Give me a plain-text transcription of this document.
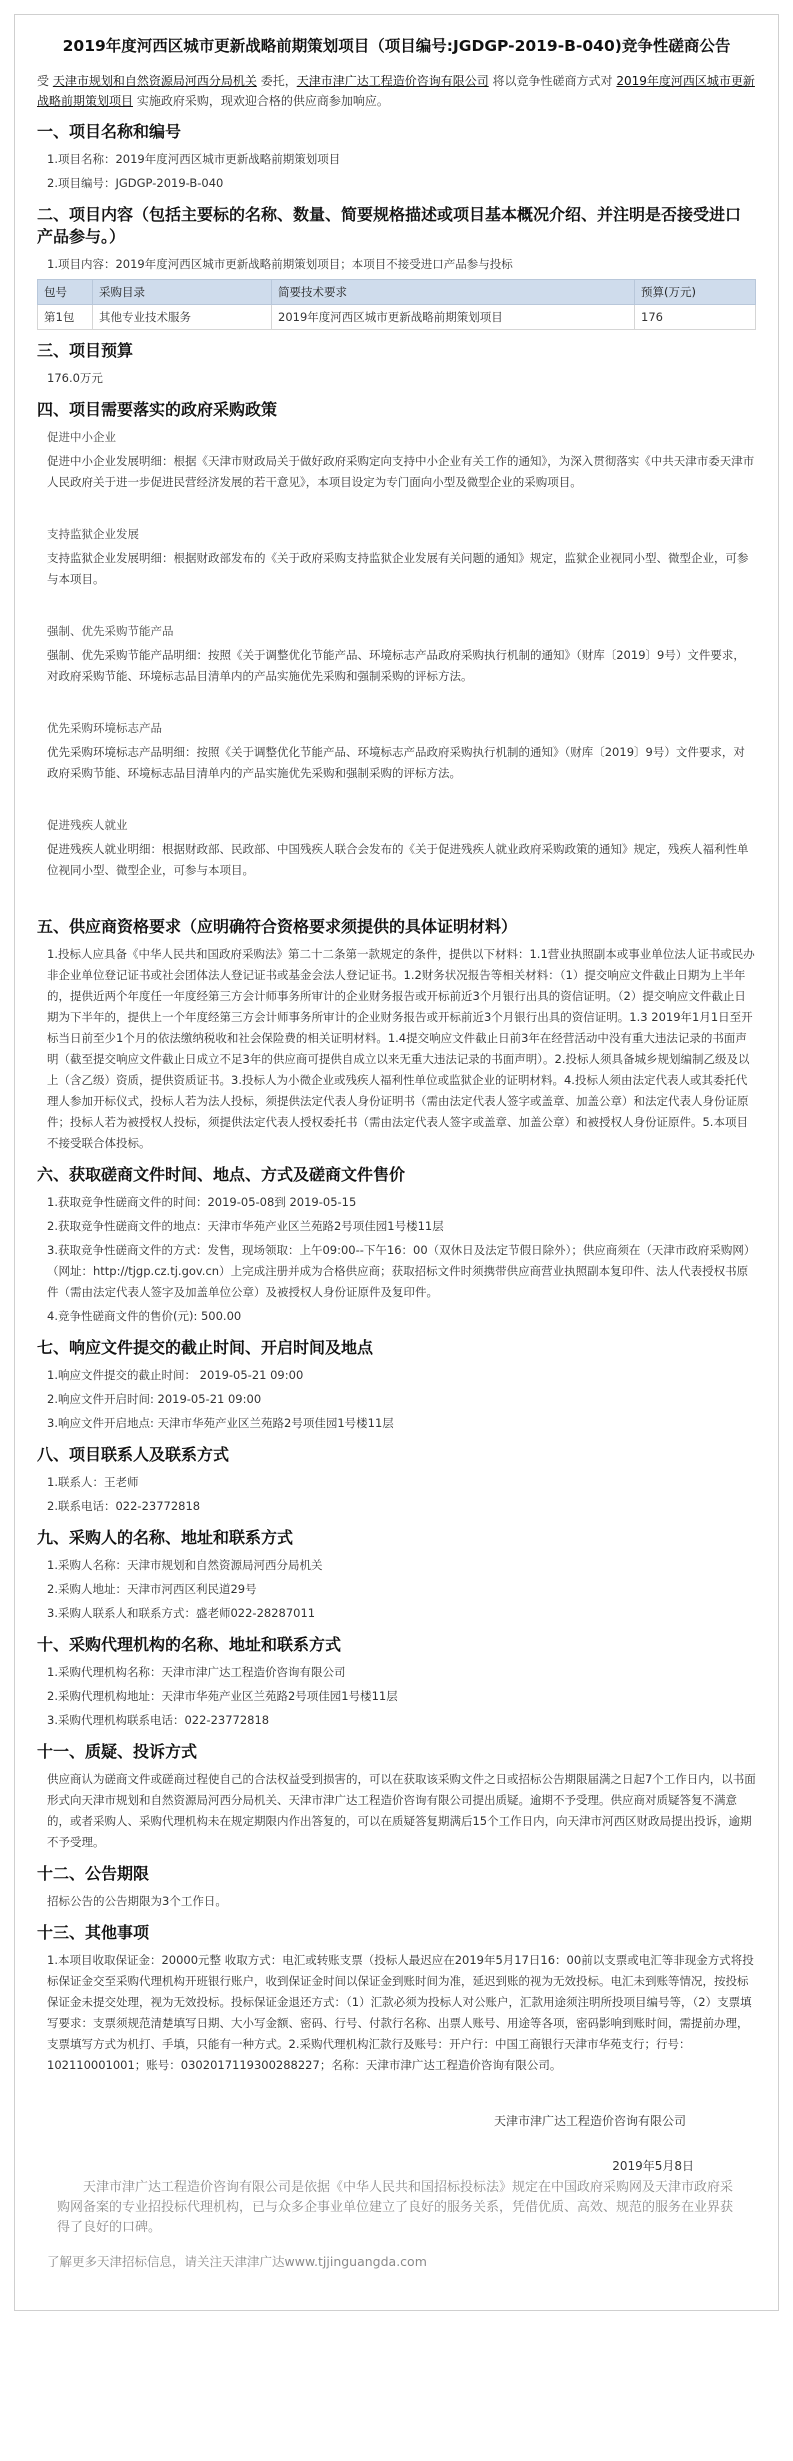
2019年度河西区城市更新战略前期策划项目（项目编号:JGDGP-2019-B-040)竞争性磋商公告
受 天津市规划和自然资源局河西分局机关 委托，天津市津广达工程造价咨询有限公司 将以竞争性磋商方式对 2019年度河西区城市更新战略前期策划项目 实施政府采购，现欢迎合格的供应商参加响应。
一、项目名称和编号
1.项目名称：2019年度河西区城市更新战略前期策划项目
2.项目编号：JGDGP-2019-B-040
二、项目内容（包括主要标的名称、数量、简要规格描述或项目基本概况介绍、并注明是否接受进口产品参与。）
1.项目内容：2019年度河西区城市更新战略前期策划项目；本项目不接受进口产品参与投标
包号	采购目录	简要技术要求	预算(万元)
第1包	其他专业技术服务	2019年度河西区城市更新战略前期策划项目	176
三、项目预算
176.0万元
四、项目需要落实的政府采购政策
促进中小企业
促进中小企业发展明细：根据《天津市财政局关于做好政府采购定向支持中小企业有关工作的通知》，为深入贯彻落实《中共天津市委天津市人民政府关于进一步促进民营经济发展的若干意见》，本项目设定为专门面向小型及微型企业的采购项目。
支持监狱企业发展
支持监狱企业发展明细：根据财政部发布的《关于政府采购支持监狱企业发展有关问题的通知》规定，监狱企业视同小型、微型企业，可参与本项目。
强制、优先采购节能产品
强制、优先采购节能产品明细：按照《关于调整优化节能产品、环境标志产品政府采购执行机制的通知》（财库〔2019〕9号）文件要求，对政府采购节能、环境标志品目清单内的产品实施优先采购和强制采购的评标方法。
优先采购环境标志产品
优先采购环境标志产品明细：按照《关于调整优化节能产品、环境标志产品政府采购执行机制的通知》（财库〔2019〕9号）文件要求，对政府采购节能、环境标志品目清单内的产品实施优先采购和强制采购的评标方法。
促进残疾人就业
促进残疾人就业明细：根据财政部、民政部、中国残疾人联合会发布的《关于促进残疾人就业政府采购政策的通知》规定，残疾人福利性单位视同小型、微型企业，可参与本项目。
五、供应商资格要求（应明确符合资格要求须提供的具体证明材料）
1.投标人应具备《中华人民共和国政府采购法》第二十二条第一款规定的条件，提供以下材料：1.1营业执照副本或事业单位法人证书或民办非企业单位登记证书或社会团体法人登记证书或基金会法人登记证书。1.2财务状况报告等相关材料：（1）提交响应文件截止日期为上半年的，提供近两个年度任一年度经第三方会计师事务所审计的企业财务报告或开标前近3个月银行出具的资信证明。（2）提交响应文件截止日期为下半年的，提供上一个年度经第三方会计师事务所审计的企业财务报告或开标前近3个月银行出具的资信证明。1.3 2019年1月1日至开标当日前至少1个月的依法缴纳税收和社会保险费的相关证明材料。1.4提交响应文件截止日前3年在经营活动中没有重大违法记录的书面声明（截至提交响应文件截止日成立不足3年的供应商可提供自成立以来无重大违法记录的书面声明）。2.投标人须具备城乡规划编制乙级及以上（含乙级）资质，提供资质证书。3.投标人为小微企业或残疾人福利性单位或监狱企业的证明材料。4.投标人须由法定代表人或其委托代理人参加开标仪式，投标人若为法人投标，须提供法定代表人身份证明书（需由法定代表人签字或盖章、加盖公章）和法定代表人身份证原件；投标人若为被授权人投标，须提供法定代表人授权委托书（需由法定代表人签字或盖章、加盖公章）和被授权人身份证原件。5.本项目不接受联合体投标。
六、获取磋商文件时间、地点、方式及磋商文件售价
1.获取竞争性磋商文件的时间：2019-05-08到 2019-05-15
2.获取竞争性磋商文件的地点：天津市华苑产业区兰苑路2号项佳园1号楼11层
3.获取竞争性磋商文件的方式：发售，现场领取：上午09:00--下午16：00（双休日及法定节假日除外）；供应商须在（天津市政府采购网）（网址：http://tjgp.cz.tj.gov.cn）上完成注册并成为合格供应商；获取招标文件时须携带供应商营业执照副本复印件、法人代表授权书原件（需由法定代表人签字及加盖单位公章）及被授权人身份证原件及复印件。
4.竞争性磋商文件的售价(元): 500.00
七、响应文件提交的截止时间、开启时间及地点
1.响应文件提交的截止时间： 2019-05-21 09:00
2.响应文件开启时间: 2019-05-21 09:00
3.响应文件开启地点: 天津市华苑产业区兰苑路2号项佳园1号楼11层
八、项目联系人及联系方式
1.联系人：王老师
2.联系电话：022-23772818
九、采购人的名称、地址和联系方式
1.采购人名称：天津市规划和自然资源局河西分局机关
2.采购人地址：天津市河西区利民道29号
3.采购人联系人和联系方式：盛老师022-28287011
十、采购代理机构的名称、地址和联系方式
1.采购代理机构名称：天津市津广达工程造价咨询有限公司
2.采购代理机构地址：天津市华苑产业区兰苑路2号项佳园1号楼11层
3.采购代理机构联系电话：022-23772818
十一、质疑、投诉方式
供应商认为磋商文件或磋商过程使自己的合法权益受到损害的，可以在获取该采购文件之日或招标公告期限届满之日起7个工作日内，以书面形式向天津市规划和自然资源局河西分局机关、天津市津广达工程造价咨询有限公司提出质疑。逾期不予受理。供应商对质疑答复不满意的，或者采购人、采购代理机构未在规定期限内作出答复的，可以在质疑答复期满后15个工作日内，向天津市河西区财政局提出投诉，逾期不予受理。
十二、公告期限
招标公告的公告期限为3个工作日。
十三、其他事项
1.本项目收取保证金：20000元整 收取方式：电汇或转账支票（投标人最迟应在2019年5月17日16：00前以支票或电汇等非现金方式将投标保证金交至采购代理机构开班银行账户，收到保证金时间以保证金到账时间为准，延迟到账的视为无效投标。电汇未到账等情况，按投标保证金未提交处理，视为无效投标。投标保证金退还方式：（1）汇款必须为投标人对公账户，汇款用途须注明所投项目编号等，（2）支票填写要求：支票须规范清楚填写日期、大小写金额、密码、行号、付款行名称、出票人账号、用途等各项，密码影响到账时间，需提前办理，支票填写方式为机打、手填，只能有一种方式。2.采购代理机构汇款行及账号：开户行：中国工商银行天津市华苑支行；行号：102110001001；账号：0302017119300288227；名称：天津市津广达工程造价咨询有限公司。
天津市津广达工程造价咨询有限公司
2019年5月8日
天津市津广达工程造价咨询有限公司是依据《中华人民共和国招标投标法》规定在中国政府采购网及天津市政府采购网备案的专业招投标代理机构，已与众多企事业单位建立了良好的服务关系，凭借优质、高效、规范的服务在业界获得了良好的口碑。
了解更多天津招标信息，请关注天津津广达www.tjjinguangda.com
